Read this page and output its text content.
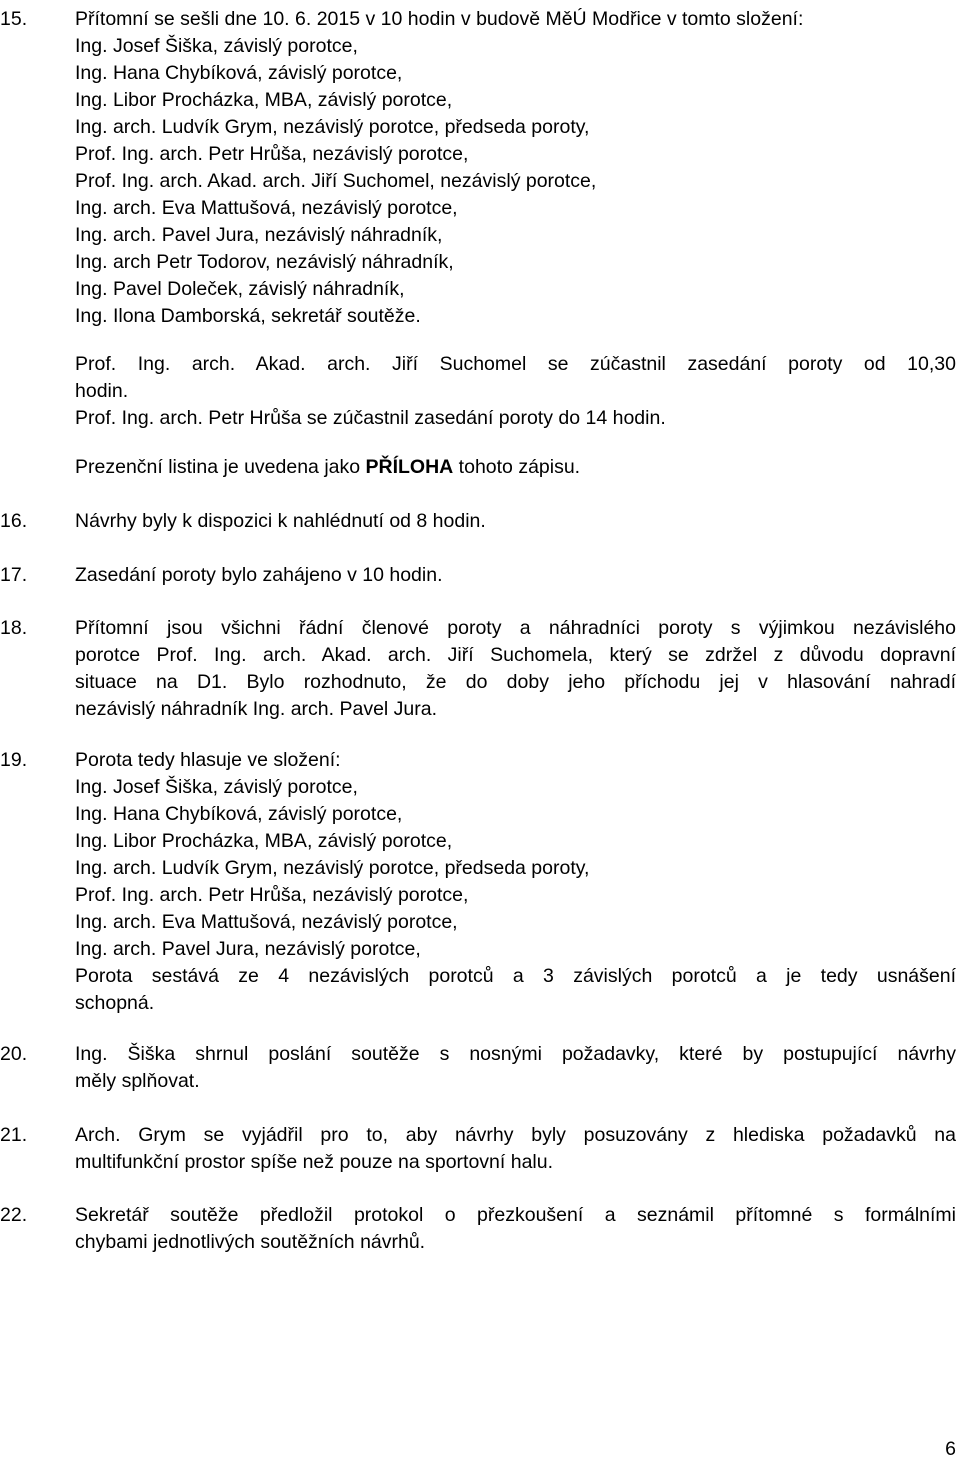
15. Přítomní se sešli dne 10. 6. 2015 v 10 hodin v budově MěÚ Modřice v tomto složení:
Ing. Josef Šiška, závislý porotce,
Ing. Hana Chybíková, závislý porotce,
Ing. Libor Procházka, MBA, závislý porotce,
Ing. arch. Ludvík Grym, nezávislý porotce, předseda poroty,
Prof. Ing. arch. Petr Hrůša, nezávislý porotce,
Prof. Ing. arch. Akad. arch. Jiří Suchomel, nezávislý porotce,
Ing. arch. Eva Mattušová, nezávislý porotce,
Ing. arch. Pavel Jura, nezávislý náhradník,
Ing. arch Petr Todorov, nezávislý náhradník,
Ing. Pavel Doleček, závislý náhradník,
Ing. Ilona Damborská, sekretář soutěže.
Prof. Ing. arch. Akad. arch. Jiří Suchomel se zúčastnil zasedání poroty od 10,30
hodin.
Prof. Ing. arch. Petr Hrůša se zúčastnil zasedání poroty do 14 hodin.
Prezenční listina je uvedena jako PŘÍLOHA tohoto zápisu.
16. Návrhy byly k dispozici k nahlédnutí od 8 hodin.
17. Zasedání poroty bylo zahájeno v 10 hodin.
18. Přítomní jsou všichni řádní členové poroty a náhradníci poroty s výjimkou nezávislého
porotce Prof. Ing. arch. Akad. arch. Jiří Suchomela, který se zdržel z důvodu dopravní
situace na D1. Bylo rozhodnuto, že do doby jeho příchodu jej v hlasování nahradí
nezávislý náhradník Ing. arch. Pavel Jura.
19. Porota tedy hlasuje ve složení:
Ing. Josef Šiška, závislý porotce,
Ing. Hana Chybíková, závislý porotce,
Ing. Libor Procházka, MBA, závislý porotce,
Ing. arch. Ludvík Grym, nezávislý porotce, předseda poroty,
Prof. Ing. arch. Petr Hrůša, nezávislý porotce,
Ing. arch. Eva Mattušová, nezávislý porotce,
Ing. arch. Pavel Jura, nezávislý porotce,
Porota sestává ze 4 nezávislých porotců a 3 závislých porotců a je tedy usnášení
schopná.
20. Ing. Šiška shrnul poslání soutěže s nosnými požadavky, které by postupující návrhy
měly splňovat.
21. Arch. Grym se vyjádřil pro to, aby návrhy byly posuzovány z hlediska požadavků na
multifunkční prostor spíše než pouze na sportovní halu.
22. Sekretář soutěže předložil protokol o přezkoušení a seznámil přítomné s formálními
chybami jednotlivých soutěžních návrhů.
6
